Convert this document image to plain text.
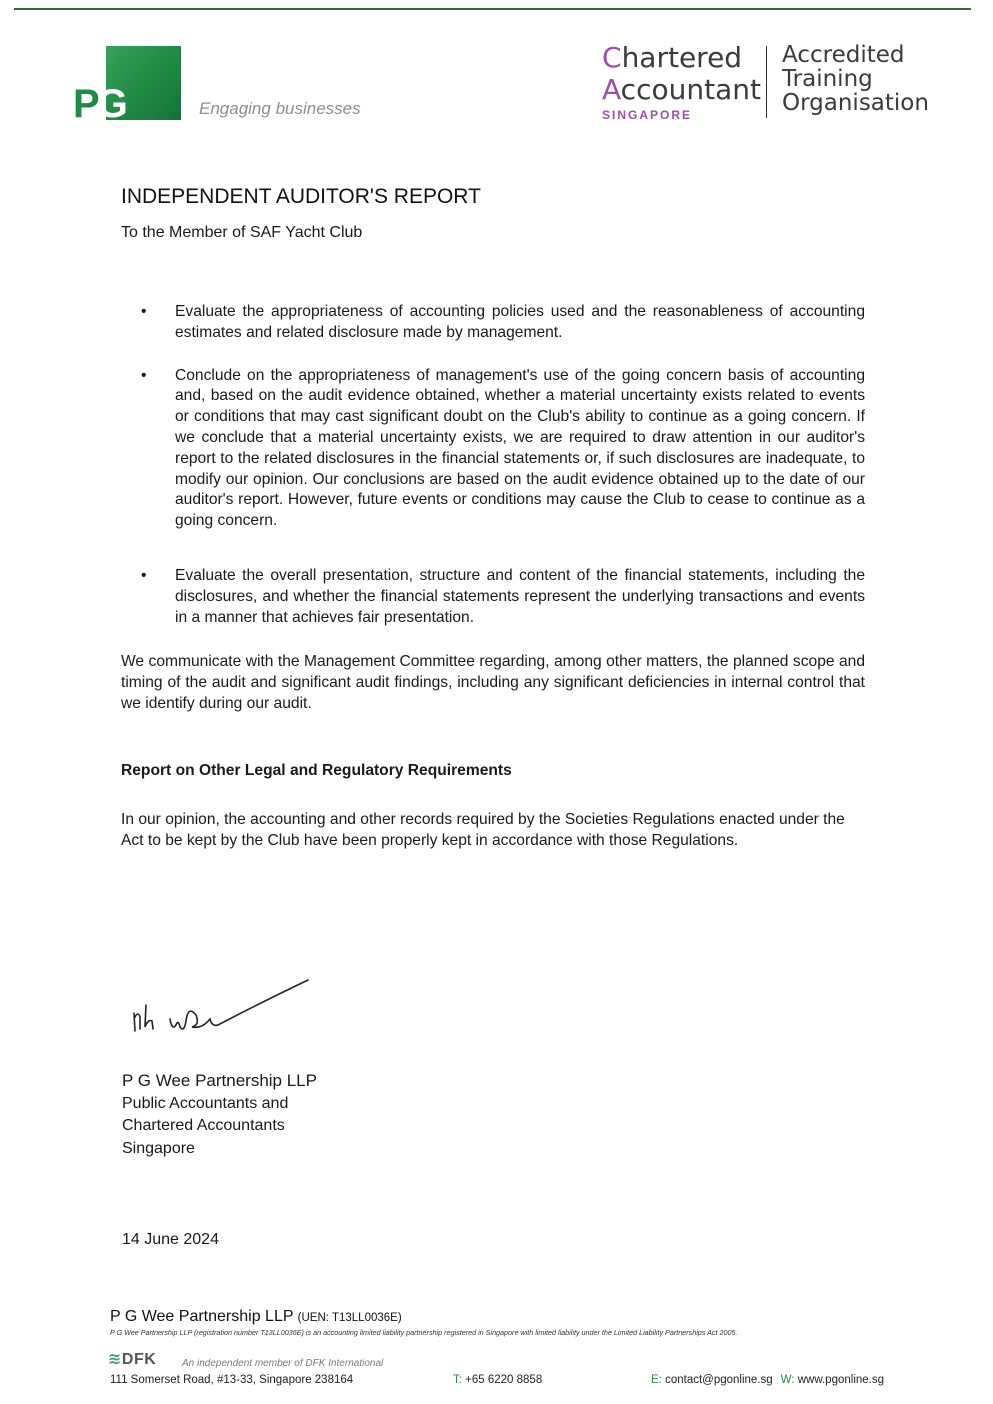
PG	Engaging businesses
Chartered
Accountant
SINGAPORE
Accredited
Training
Organisation
INDEPENDENT AUDITOR'S REPORT
To the Member of SAF Yacht Club
• Evaluate the appropriateness of accounting policies used and the reasonableness of accounting estimates and related disclosure made by management.
• Conclude on the appropriateness of management's use of the going concern basis of accounting and, based on the audit evidence obtained, whether a material uncertainty exists related to events or conditions that may cast significant doubt on the Club's ability to continue as a going concern. If we conclude that a material uncertainty exists, we are required to draw attention in our auditor's report to the related disclosures in the financial statements or, if such disclosures are inadequate, to modify our opinion. Our conclusions are based on the audit evidence obtained up to the date of our auditor's report. However, future events or conditions may cause the Club to cease to continue as a going concern.
• Evaluate the overall presentation, structure and content of the financial statements, including the disclosures, and whether the financial statements represent the underlying transactions and events in a manner that achieves fair presentation.
We communicate with the Management Committee regarding, among other matters, the planned scope and timing of the audit and significant audit findings, including any significant deficiencies in internal control that we identify during our audit.
Report on Other Legal and Regulatory Requirements
In our opinion, the accounting and other records required by the Societies Regulations enacted under the Act to be kept by the Club have been properly kept in accordance with those Regulations.
P G Wee Partnership LLP
Public Accountants and
Chartered Accountants
Singapore
14 June 2024
P G Wee Partnership LLP (UEN: T13LL0036E)
P G Wee Partnership LLP (registration number T13LL0036E) is an accounting limited liability partnership registered in Singapore with limited liability under the Limited Liability Partnerships Act 2005.
≋DFK	An independent member of DFK International
111 Somerset Road, #13-33, Singapore 238164	T: +65 6220 8858	E: contact@pgonline.sg W: www.pgonline.sg
